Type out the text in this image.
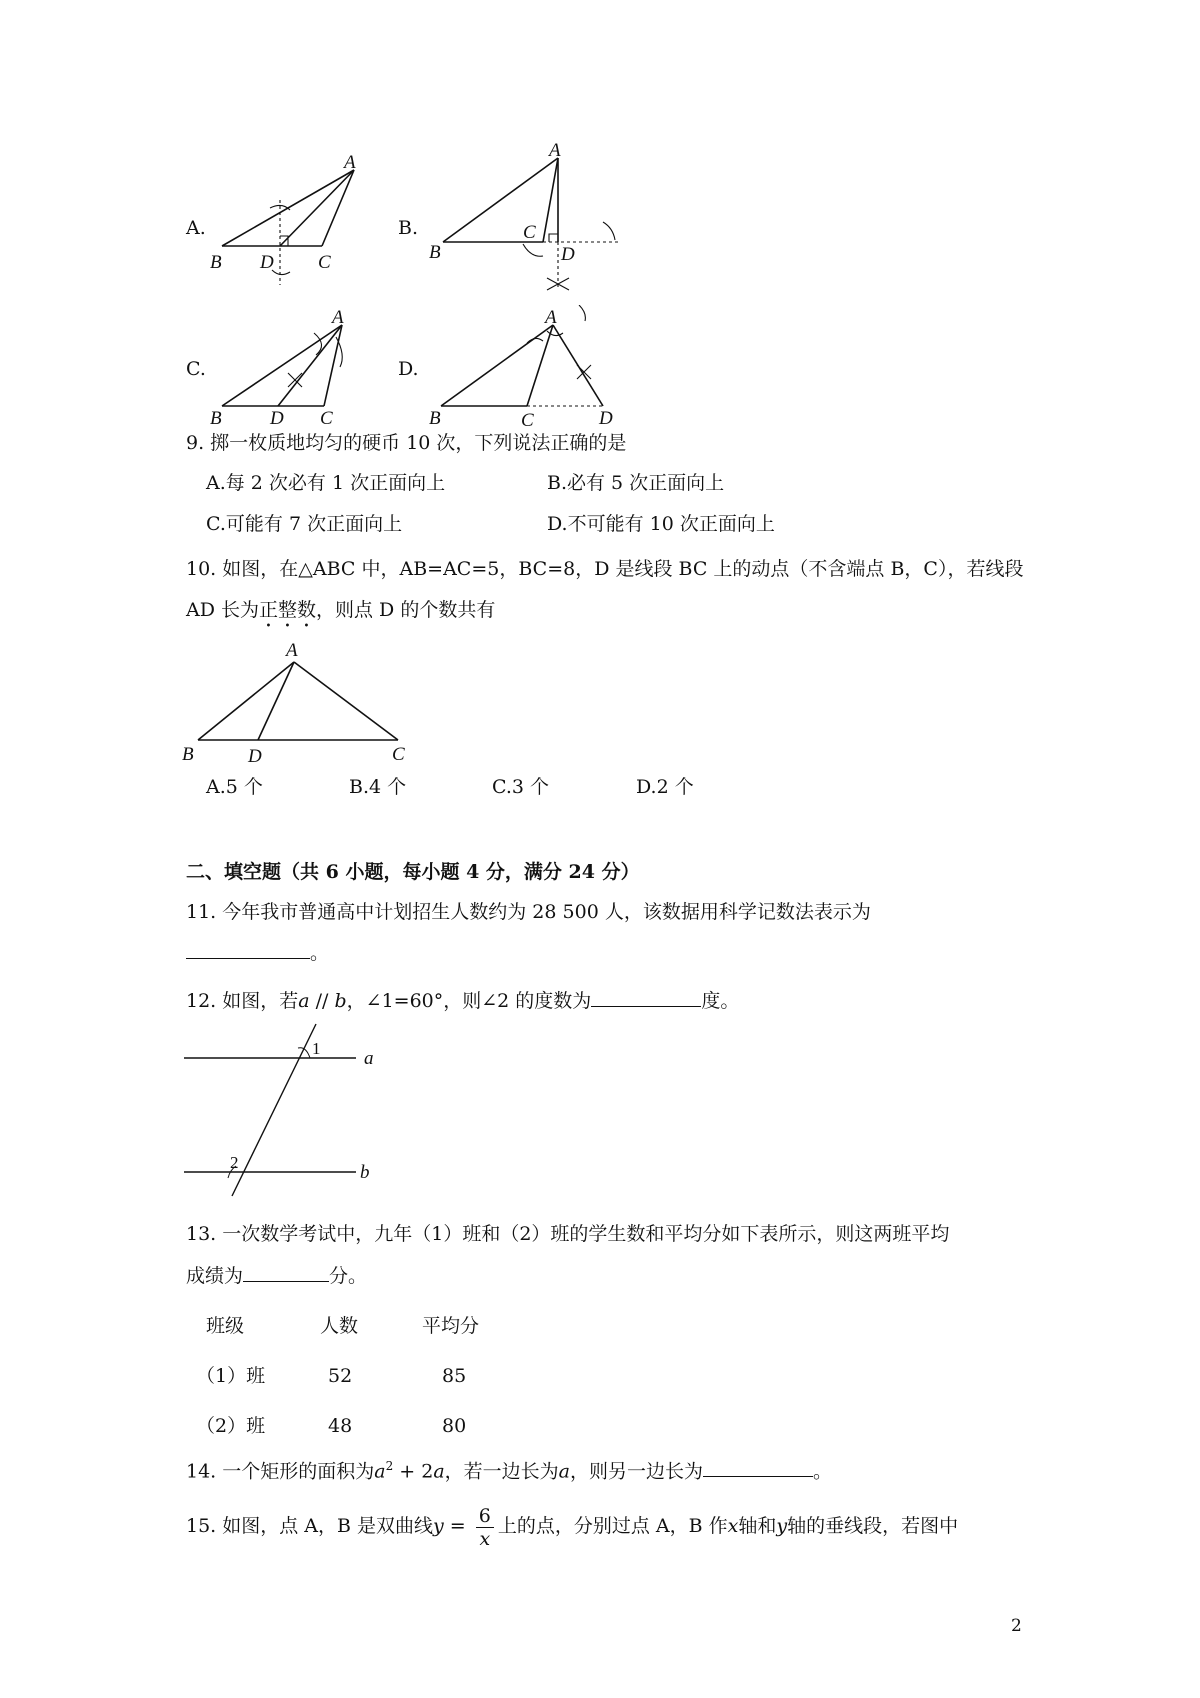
A.	B.
C.	D.
A
B D C
A
B
C
D
A
B	D C
A
B	C	D
9. 掷一枚质地均匀的硬币 10 次，下列说法正确的是
A.每 2 次必有 1 次正面向上	B.必有 5 次正面向上
C.可能有 7 次正面向上	D.不可能有 10 次正面向上
10. 如图，在△ABC 中，AB=AC=5，BC=8，D 是线段 BC 上的动点（不含端点 B，C），若线段
AD 长为正整数，则点 D 的个数共有
A
B	D	C
A.5 个	B.4 个	C.3 个	D.2 个
二、填空题（共 6 小题，每小题 4 分，满分 24 分）
11. 今年我市普通高中计划招生人数约为 28 500 人，该数据用科学记数法表示为
。
12. 如图，若a // b，∠1=60°，则∠2 的度数为	度。
1
2
a
b
13. 一次数学考试中，九年（1）班和（2）班的学生数和平均分如下表所示，则这两班平均
成绩为	分。
班级	人数	平均分
（1）班	52	85
（2）班	48	80
14. 一个矩形的面积为$a^2 + 2a$，若一边长为a，则另一边长为	。
15. 如图，点 A，B 是双曲线$y = \frac{6}{x}$ 上的点，分别过点 A，B 作x轴和y轴的垂线段，若图中
2
